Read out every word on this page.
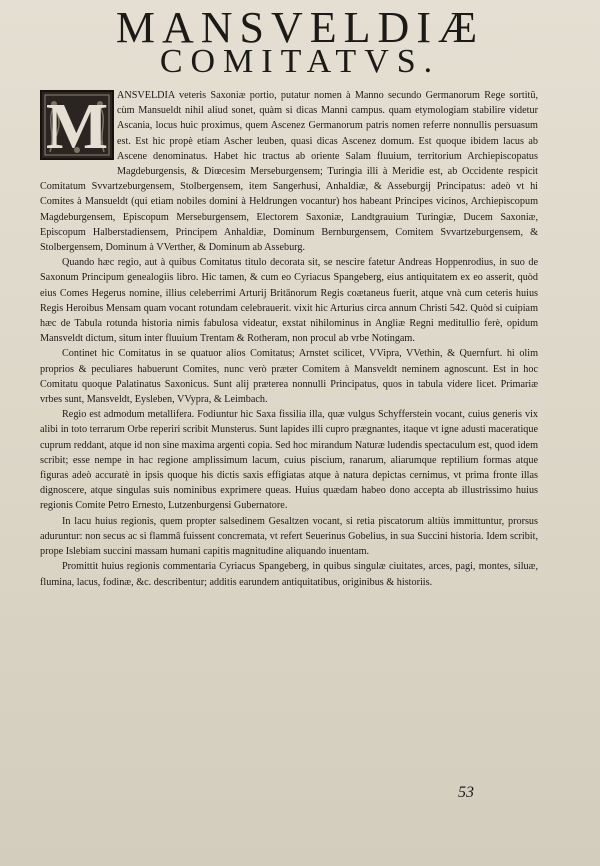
MANSVELDIÆ
COMITATVS.
M ANSVELDIA veteris Saxoniæ portio, putatur nomen à Manno secundo Germanorum Rege sortitũ, cùm Mansueldt nihil aliud sonet, quàm si dicas Manni campus. quam etymologiam stabilire videtur Ascania, locus huic proximus, quem Ascenez Germanorum patris nomen referre nonnullis persuasum est. Est hic propè etiam Ascher leuben, quasi dicas Ascenez domum. Est quoque ibidem lacus ab Ascene denominatus. Habet hic tractus ab oriente Salam fluuium, territorium Archiepiscopatus Magdeburgensis, & Diœcesim Merseburgensem; Turingia illi à Meridie est, ab Occidente respicit Comitatum Svvartzeburgensem, Stolbergensem, item Sangerhusi, Anhaldiæ, & Asseburgij Principatus: adeò vt hi Comites à Mansueldt (qui etiam nobiles domini à Heldrungen vocantur) hos habeant Principes vicinos, Archiepiscopum Magdeburgensem, Episcopum Merseburgensem, Electorem Saxoniæ, Landtgrauium Turingiæ, Ducem Saxoniæ, Episcopum Halberstadiensem, Principem Anhaldiæ, Dominum Bernburgensem, Comitem Svvartzeburgensem, & Stolbergensem, Dominum à VVerther, & Dominum ab Asseburg.

Quando hæc regio, aut à quibus Comitatus titulo decorata sit, se nescire fatetur Andreas Hoppenrodius, in suo de Saxonum Principum genealogiis libro. Hic tamen, & cum eo Cyriacus Spangeberg, eius antiquitatem ex eo asserit, quòd eius Comes Hegerus nomine, illius celeberrimi Arturij Britānorum Regis coætaneus fuerit, atque vnà cum ceteris huius Regis Heroibus Mensam quam vocant rotundam celebrauerit. vixit hic Arturius circa annum Christi 542. Quòd si cuipiam hæc de Tabula rotunda historia nimis fabulosa videatur, exstat nihilominus in Angliæ Regni meditullio ferè, opidum Mansveldt dictum, situm inter fluuium Trentam & Rotheram, non procul ab vrbe Notingam.

Continet hic Comitatus in se quatuor alios Comitatus; Arnstet scilicet, VVipra, VVethin, & Quernfurt. hi olim proprios & peculiares habuerunt Comites, nunc verò præter Comitem à Mansveldt neminem agnoscunt. Est in hoc Comitatu quoque Palatinatus Saxonicus. Sunt alij præterea nonnulli Principatus, quos in tabula videre licet. Primariæ vrbes sunt, Mansveldt, Eysleben, VVypra, & Leimbach.

Regio est admodum metallifera. Fodiuntur hic Saxa fissilia illa, quæ vulgus Schyfferstein vocant, cuius generis vix alibi in toto terrarum Orbe reperiri scribit Munsterus. Sunt lapides illi cupro prægnantes, itaque vt igne adusti maceratique cuprum reddant, atque id non sine maxima argenti copia. Sed hoc mirandum Naturæ ludendis spectaculum est, quod idem scribit; esse nempe in hac regione amplissimum lacum, cuius piscium, ranarum, aliarumque reptilium formas atque figuras adeò accuratè in ipsis quoque his dictis saxis effigiatas atque à natura depictas cernimus, vt prima fronte illas dignoscere, atque singulas suis nominibus exprimere queas. Huius quædam habeo dono accepta ab illustrissimo huius regionis Comite Petro Ernesto, Lutzenburgensi Gubernatore.

In lacu huius regionis, quem propter salsedinem Gesaltzen vocant, si retia piscatorum altiùs immittuntur, prorsus aduruntur: non secus ac si flammâ fuissent concremata, vt refert Seuerinus Gobelius, in sua Succini historia. Idem scribit, prope Islebiam succini massam humani capitis magnitudine aliquando inuentam.

Promittit huius regionis commentaria Cyriacus Spangeberg, in quibus singulæ ciuitates, arces, pagi, montes, siluæ, flumina, lacus, fodinæ, &c. describentur; additis earundem antiquitatibus, originibus & historiis.

53
